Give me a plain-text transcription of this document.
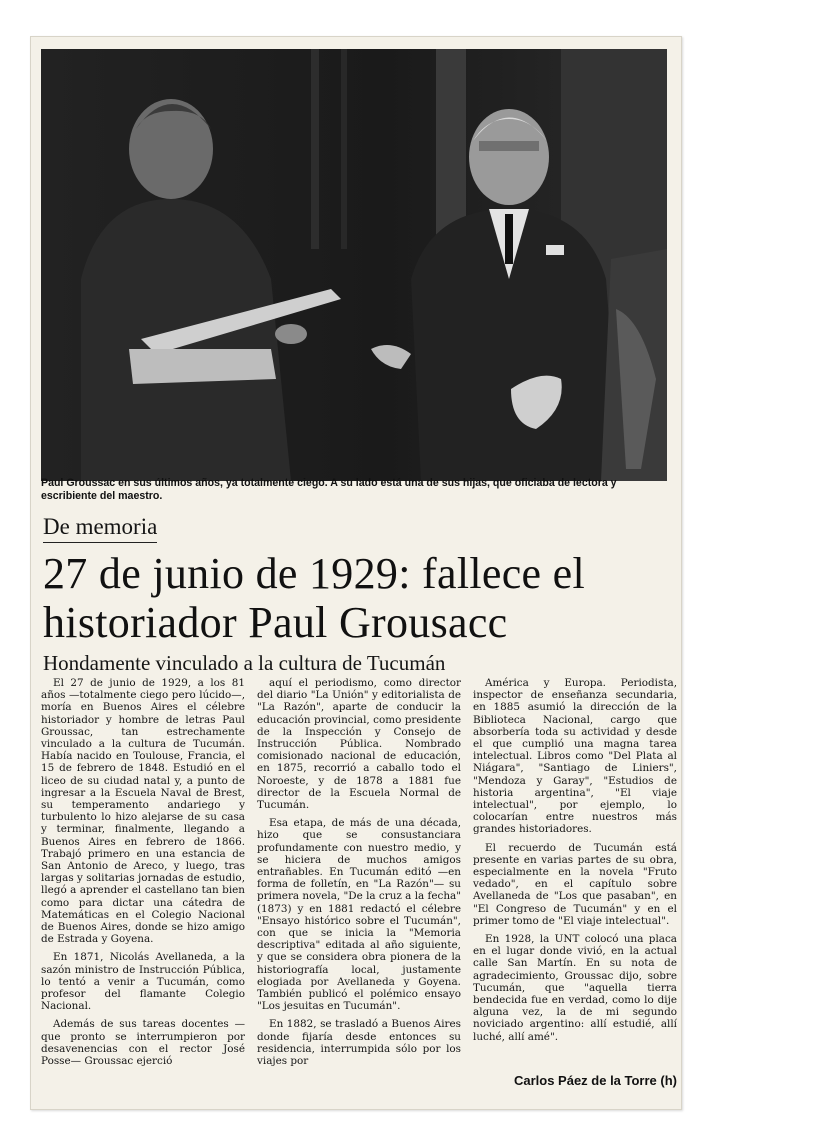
Paul Groussac en sus últimos años, ya totalmente ciego. A su lado está una de sus hijas, que oficiaba de lectora y escribiente del maestro.
De memoria
27 de junio de 1929: fallece el historiador Paul Grousacc
Hondamente vinculado a la cultura de Tucumán

El 27 de junio de 1929, a los 81 años —totalmente ciego pero lúcido—, moría en Buenos Aires el célebre historiador y hombre de letras Paul Groussac, tan estrechamente vinculado a la cultura de Tucumán. Había nacido en Toulouse, Francia, el 15 de febrero de 1848. Estudió en el liceo de su ciudad natal y, a punto de ingresar a la Escuela Naval de Brest, su temperamento andariego y turbulento lo hizo alejarse de su casa y terminar, finalmente, llegando a Buenos Aires en febrero de 1866. Trabajó primero en una estancia de San Antonio de Areco, y luego, tras largas y solitarias jornadas de estudio, llegó a aprender el castellano tan bien como para dictar una cátedra de Matemáticas en el Colegio Nacional de Buenos Aires, donde se hizo amigo de Estrada y Goyena.

En 1871, Nicolás Avellaneda, a la sazón ministro de Instrucción Pública, lo tentó a venir a Tucumán, como profesor del flamante Colegio Nacional.

Además de sus tareas docentes —que pronto se interrumpieron por desavenencias con el rector José Posse— Groussac ejerció

aquí el periodismo, como director del diario "La Unión" y editorialista de "La Razón", aparte de conducir la educación provincial, como presidente de la Inspección y Consejo de Instrucción Pública. Nombrado comisionado nacional de educación, en 1875, recorrió a caballo todo el Noroeste, y de 1878 a 1881 fue director de la Escuela Normal de Tucumán.

Esa etapa, de más de una década, hizo que se consustanciara profundamente con nuestro medio, y se hiciera de muchos amigos entrañables. En Tucumán editó —en forma de folletín, en "La Razón"— su primera novela, "De la cruz a la fecha" (1873) y en 1881 redactó el célebre "Ensayo histórico sobre el Tucumán", con que se inicia la "Memoria descriptiva" editada al año siguiente, y que se considera obra pionera de la historiografía local, justamente elogiada por Avellaneda y Goyena. También publicó el polémico ensayo "Los jesuitas en Tucumán".

En 1882, se trasladó a Buenos Aires donde fijaría desde entonces su residencia, interrumpida sólo por los viajes por

América y Europa. Periodista, inspector de enseñanza secundaria, en 1885 asumió la dirección de la Biblioteca Nacional, cargo que absorbería toda su actividad y desde el que cumplió una magna tarea intelectual. Libros como "Del Plata al Niágara", "Santiago de Liniers", "Mendoza y Garay", "Estudios de historia argentina", "El viaje intelectual", por ejemplo, lo colocarían entre nuestros más grandes historiadores.

El recuerdo de Tucumán está presente en varias partes de su obra, especialmente en la novela "Fruto vedado", en el capítulo sobre Avellaneda de "Los que pasaban", en "El Congreso de Tucumán" y en el primer tomo de "El viaje intelectual".

En 1928, la UNT colocó una placa en el lugar donde vivió, en la actual calle San Martín. En su nota de agradecimiento, Groussac dijo, sobre Tucumán, que "aquella tierra bendecida fue en verdad, como lo dije alguna vez, la de mi segundo noviciado argentino: allí estudié, allí luché, allí amé".

Carlos Páez de la Torre (h)
